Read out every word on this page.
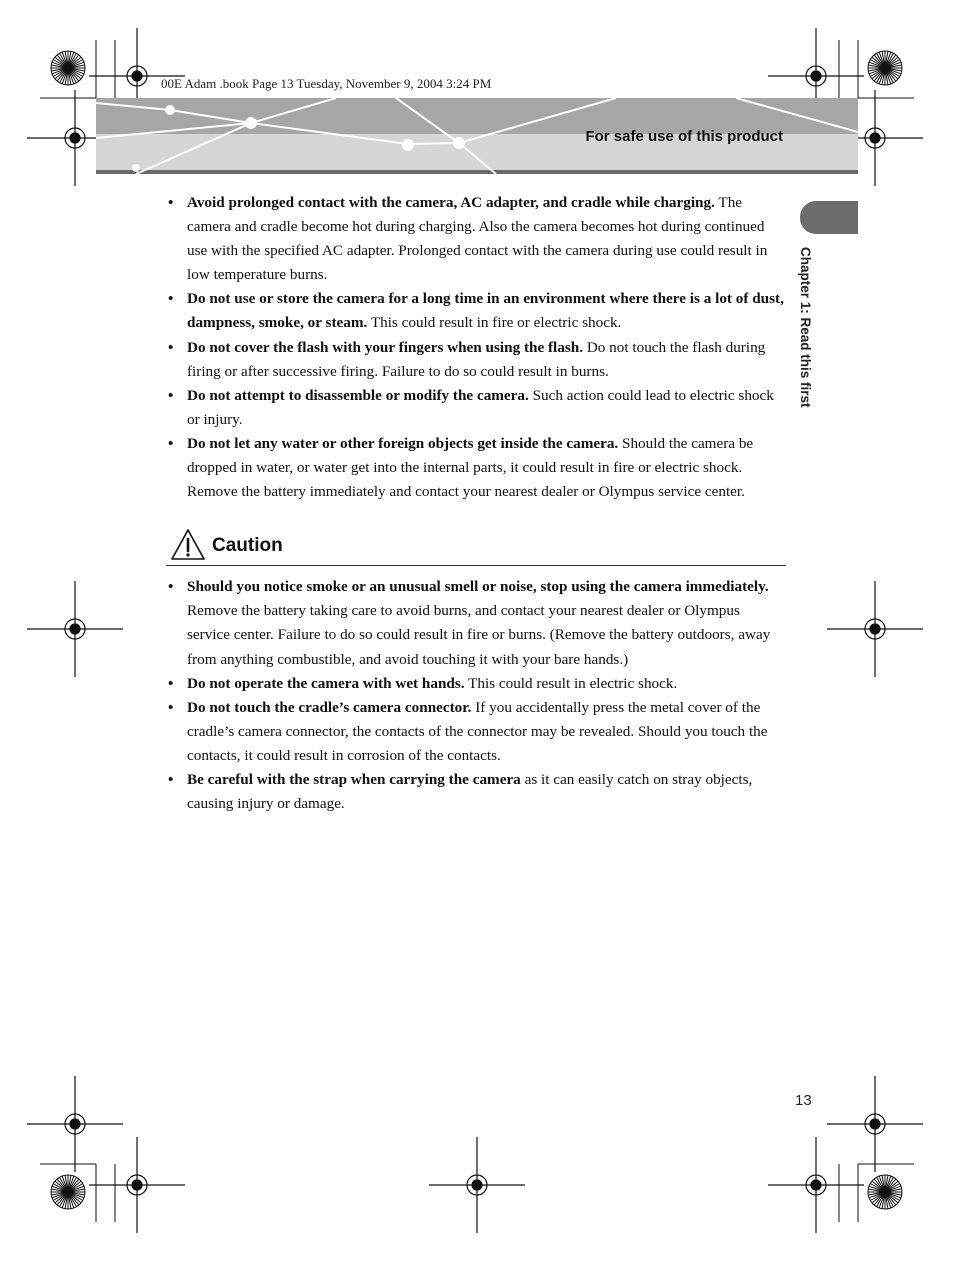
00E Adam .book Page 13 Tuesday, November 9, 2004 3:24 PM
For safe use of this product
Chapter 1: Read this first
• Avoid prolonged contact with the camera, AC adapter, and cradle while charging. The camera and cradle become hot during charging. Also the camera becomes hot during continued use with the specified AC adapter. Prolonged contact with the camera during use could result in low temperature burns.
• Do not use or store the camera for a long time in an environment where there is a lot of dust, dampness, smoke, or steam. This could result in fire or electric shock.
• Do not cover the flash with your fingers when using the flash. Do not touch the flash during firing or after successive firing. Failure to do so could result in burns.
• Do not attempt to disassemble or modify the camera. Such action could lead to electric shock or injury.
• Do not let any water or other foreign objects get inside the camera. Should the camera be dropped in water, or water get into the internal parts, it could result in fire or electric shock. Remove the battery immediately and contact your nearest dealer or Olympus service center.
Caution
• Should you notice smoke or an unusual smell or noise, stop using the camera immediately. Remove the battery taking care to avoid burns, and contact your nearest dealer or Olympus service center. Failure to do so could result in fire or burns. (Remove the battery outdoors, away from anything combustible, and avoid touching it with your bare hands.)
• Do not operate the camera with wet hands. This could result in electric shock.
• Do not touch the cradle’s camera connector. If you accidentally press the metal cover of the cradle’s camera connector, the contacts of the connector may be revealed. Should you touch the contacts, it could result in corrosion of the contacts.
• Be careful with the strap when carrying the camera as it can easily catch on stray objects, causing injury or damage.
13
